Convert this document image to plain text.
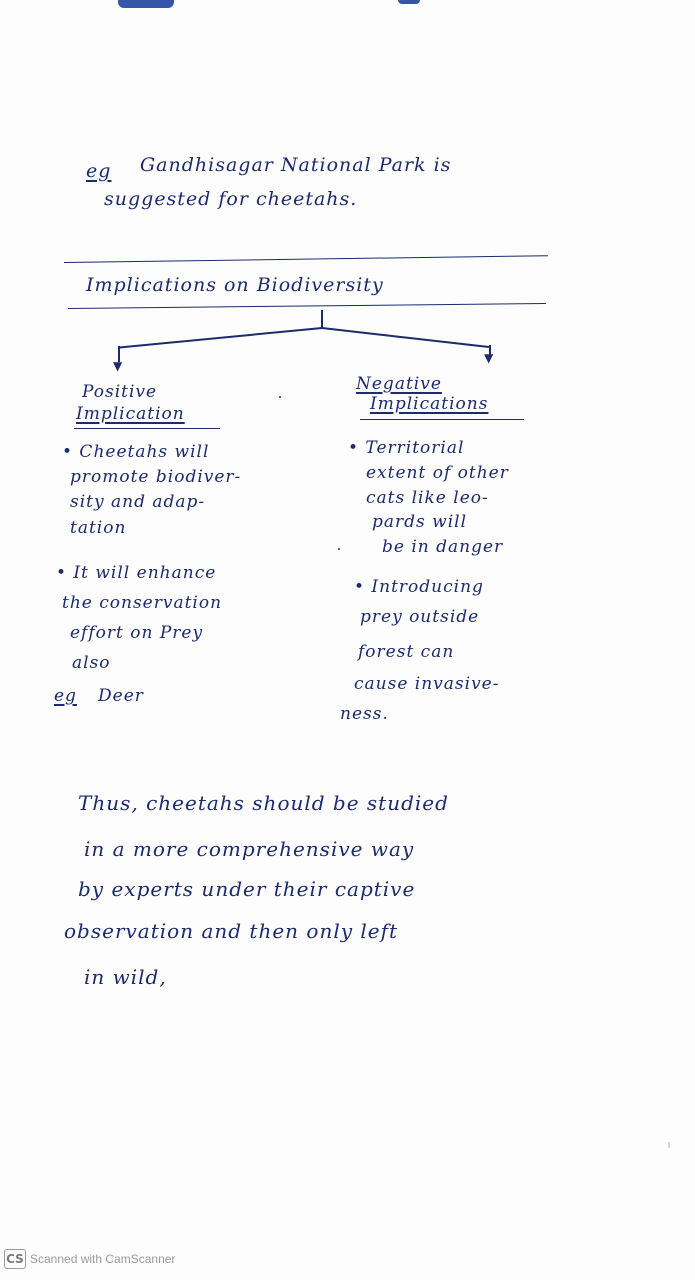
eg Gandhisagar National Park is
suggested for cheetahs.
Implications on Biodiversity
▼
▼
Positive
Implication
• Cheetahs will
promote biodiver-
sity and adap-
tation
• It will enhance
the conservation
effort on Prey
also
eg Deer
Negative
Implications
• Territorial
extent of other
cats like leo-
pards will
be in danger
• Introducing
prey outside
forest can
cause invasive-
ness.
Thus, cheetahs should be studied
in a more comprehensive way
by experts under their captive
observation and then only left
in wild,
CS Scanned with CamScanner
